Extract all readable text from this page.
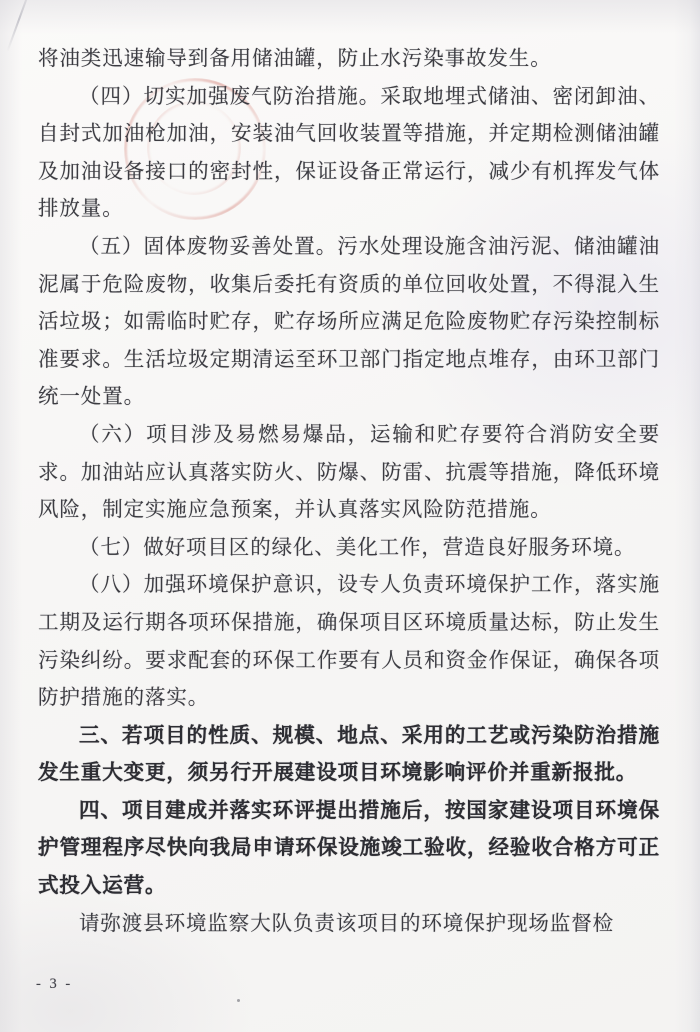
将油类迅速输导到备用储油罐，防止水污染事故发生。

（四）切实加强废气防治措施。采取地埋式储油、密闭卸油、自封式加油枪加油，安装油气回收装置等措施，并定期检测储油罐及加油设备接口的密封性，保证设备正常运行，减少有机挥发气体排放量。

（五）固体废物妥善处置。污水处理设施含油污泥、储油罐油泥属于危险废物，收集后委托有资质的单位回收处置，不得混入生活垃圾；如需临时贮存，贮存场所应满足危险废物贮存污染控制标准要求。生活垃圾定期清运至环卫部门指定地点堆存，由环卫部门统一处置。

（六）项目涉及易燃易爆品，运输和贮存要符合消防安全要求。加油站应认真落实防火、防爆、防雷、抗震等措施，降低环境风险，制定实施应急预案，并认真落实风险防范措施。

（七）做好项目区的绿化、美化工作，营造良好服务环境。

（八）加强环境保护意识，设专人负责环境保护工作，落实施工期及运行期各项环保措施，确保项目区环境质量达标，防止发生污染纠纷。要求配套的环保工作要有人员和资金作保证，确保各项防护措施的落实。

三、若项目的性质、规模、地点、采用的工艺或污染防治措施发生重大变更，须另行开展建设项目环境影响评价并重新报批。

四、项目建成并落实环评提出措施后，按国家建设项目环境保护管理程序尽快向我局申请环保设施竣工验收，经验收合格方可正式投入运营。

请弥渡县环境监察大队负责该项目的环境保护现场监督检

- 3 -
